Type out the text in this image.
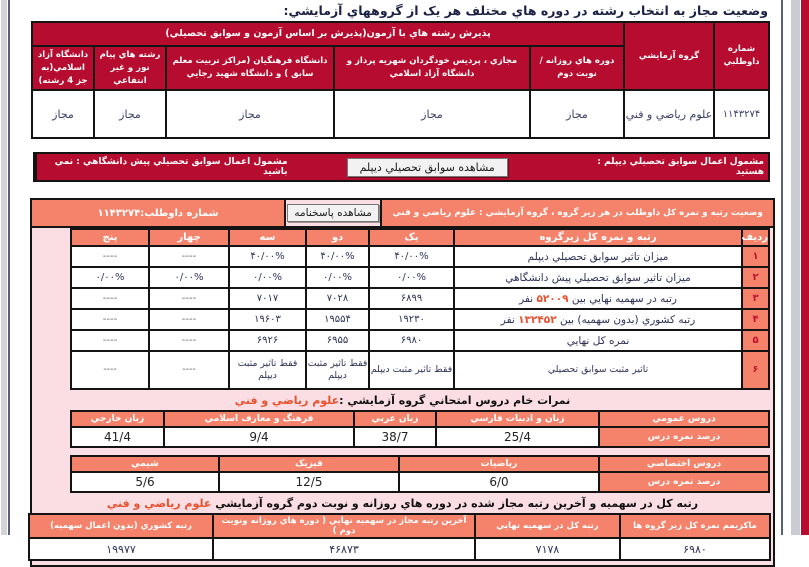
وضعيت مجاز به انتخاب رشته در دوره هاي مختلف هر يک از گروههاي آزمايشي:
شماره داوطلبي	گروه آزمايشي	پذيرش رشته هاي با آزمون(پذيرش بر اساس آزمون و سوابق تحصيلي)				
		دوره هاي روزانه / نوبت دوم	مجازي ، پرديس خودگردان شهريه پرداز و دانشگاه آزاد اسلامي	دانشگاه فرهنگيان (مراکز تربيت معلم سابق ) و دانشگاه شهيد رجايي	رشته هاي پيام نور و غير انتفاعي	دانشگاه آزاد اسلامي(به جز 4 رشته)
۱۱۴۳۲۷۴	علوم رياضي و فني	مجاز	مجاز	مجاز	مجاز	مجاز
مشمول اعمال سوابق تحصيلي ديپلم : هستيد
مشاهده سوابق تحصيلي ديپلم
مشمول اعمال سوابق تحصيلي پيش دانشگاهي : نمي باشيد
وضعيت رتبه و نمره کل داوطلب در هر زير گروه ، گروه آزمايشي : علوم رياضي و فني
مشاهده پاسخنامه
شماره داوطلب:۱۱۴۳۲۷۴
رديف	رتبه و نمره کل زيرگروه	يک	دو	سه	چهار	پنج
۱	ميزان تاثير سوابق تحصيلي ديپلم	۴۰/۰۰%	۴۰/۰۰%	۴۰/۰۰%	----	----
۲	ميزان تاثير سوابق تحصيلي پيش دانشگاهي	۰/۰۰%	۰/۰۰%	۰/۰۰%	۰/۰۰%	۰/۰۰%
۳	رتبه در سهميه نهايي بين ۵۲۰۰۹ نفر	۶۸۹۹	۷۰۲۸	۷۰۱۷	----	----
۴	رتبه کشوري (بدون سهميه) بين ۱۳۲۴۵۲ نفر	۱۹۲۳۰	۱۹۵۵۴	۱۹۶۰۳	----	----
۵	نمره کل نهايي	۶۹۸۰	۶۹۵۵	۶۹۲۶	----	----
۶	تاثير مثبت سوابق تحصيلي	فقط تاثير مثبت ديپلم	فقط تاثير مثبت ديپلم	فقط تاثير مثبت ديپلم	----	----
نمرات خام دروس امتحاني گروه آزمايشي :علوم رياضي و فني
دروس عمومي	زبان و ادبيات فارسي	زبان عربي	فرهنگ و معارف اسلامي	زبان خارجي
درصد نمره درس	25/4	38/7	9/4	41/4
دروس اختصاصي	رياضيات	فيزيک	شيمي
درصد نمره درس	6/0	12/5	5/6
رتبه کل در سهميه و آخرين رتبه مجاز شده در دوره هاي روزانه و نوبت دوم گروه آزمايشي علوم رياضي و فني
ماکزيمم نمره کل زير گروه ها	رتبه کل در سهميه نهايي	آخرين رتبه مجاز در سهميه نهايي ( دوره هاي روزانه ونوبت دوم )	رتبه کشوري (بدون اعمال سهميه)
۶۹۸۰	۷۱۷۸	۴۶۸۷۳	۱۹۹۷۷
